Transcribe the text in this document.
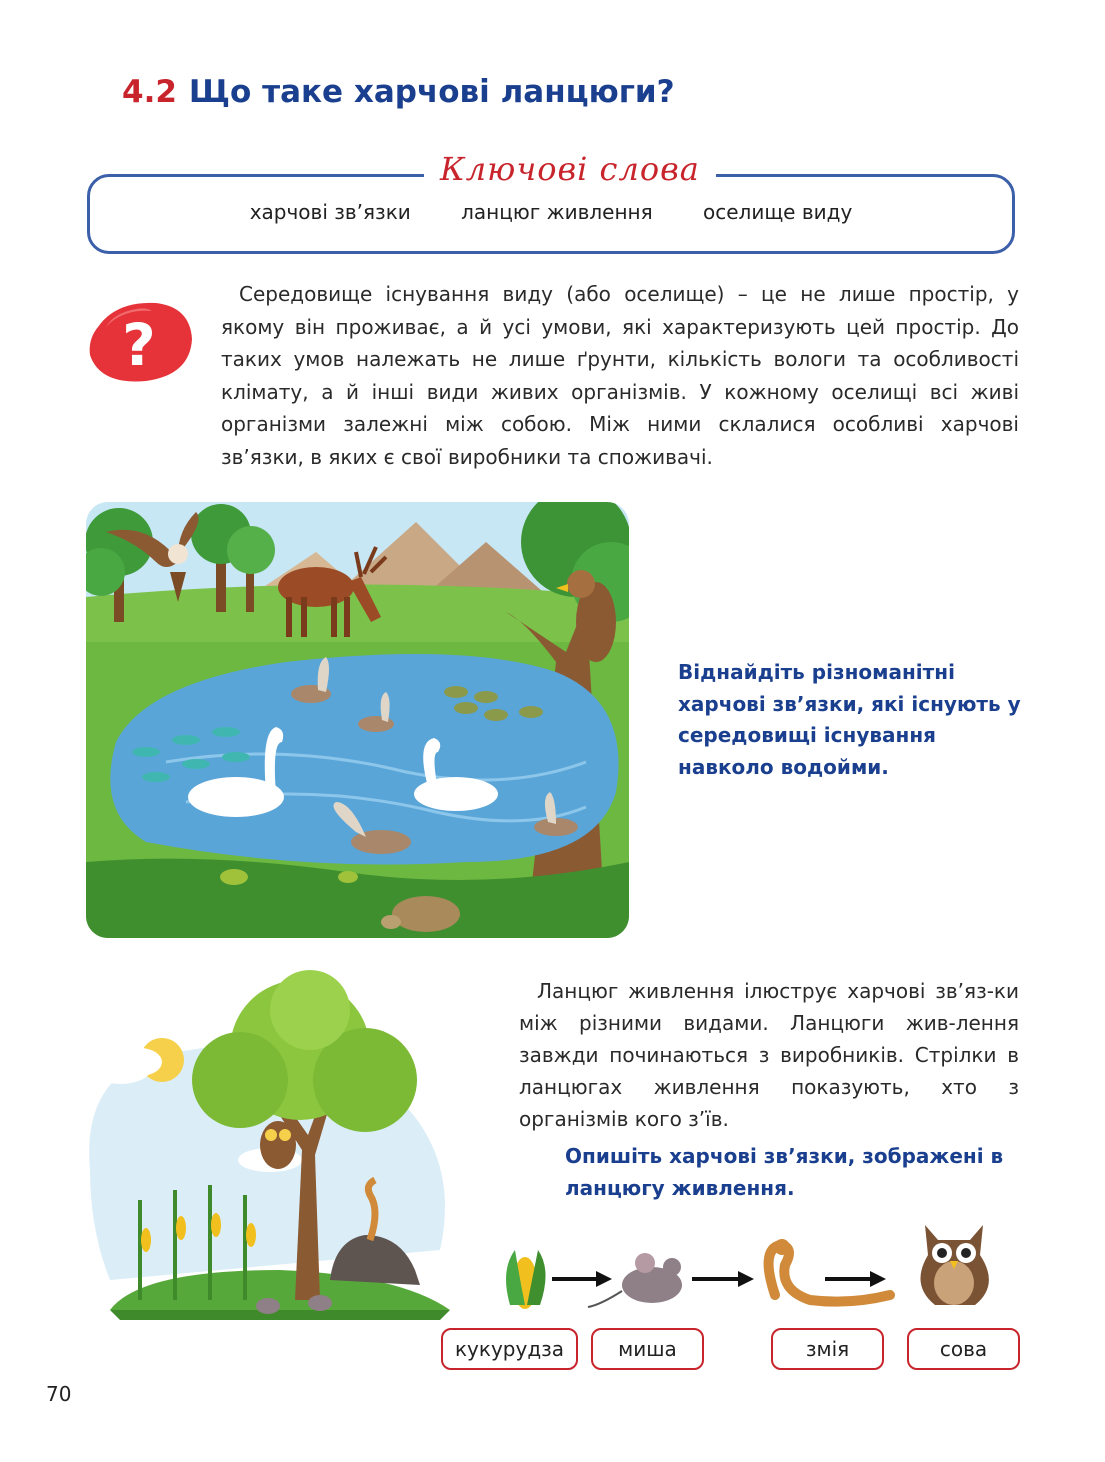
4.2 Що таке харчові ланцюги?
Ключові слова
харчові зв’язки	ланцюг живлення	оселище виду
?
Середовище існування виду (або оселище) – це не лише простір, у якому він проживає, а й усі умови, які характеризують цей простір. До таких умов належать не лише ґрунти, кількість вологи та особливості клімату, а й інші види живих організмів. У кожному оселищі всі живі організми залежні між собою. Між ними склалися особливі харчові зв’язки, в яких є свої виробники та споживачі.
Віднайдіть різноманітні харчові зв’язки, які існують у середовищі існування навколо водойми.
Ланцюг живлення ілюструє харчові зв’яз-ки між різними видами. Ланцюги жив-лення завжди починаються з виробників. Стрілки в ланцюгах живлення показують, хто з організмів кого з’їв.
Опишіть харчові зв’язки, зображені в ланцюгу живлення.
кукурудза	миша	змія	сова
70
